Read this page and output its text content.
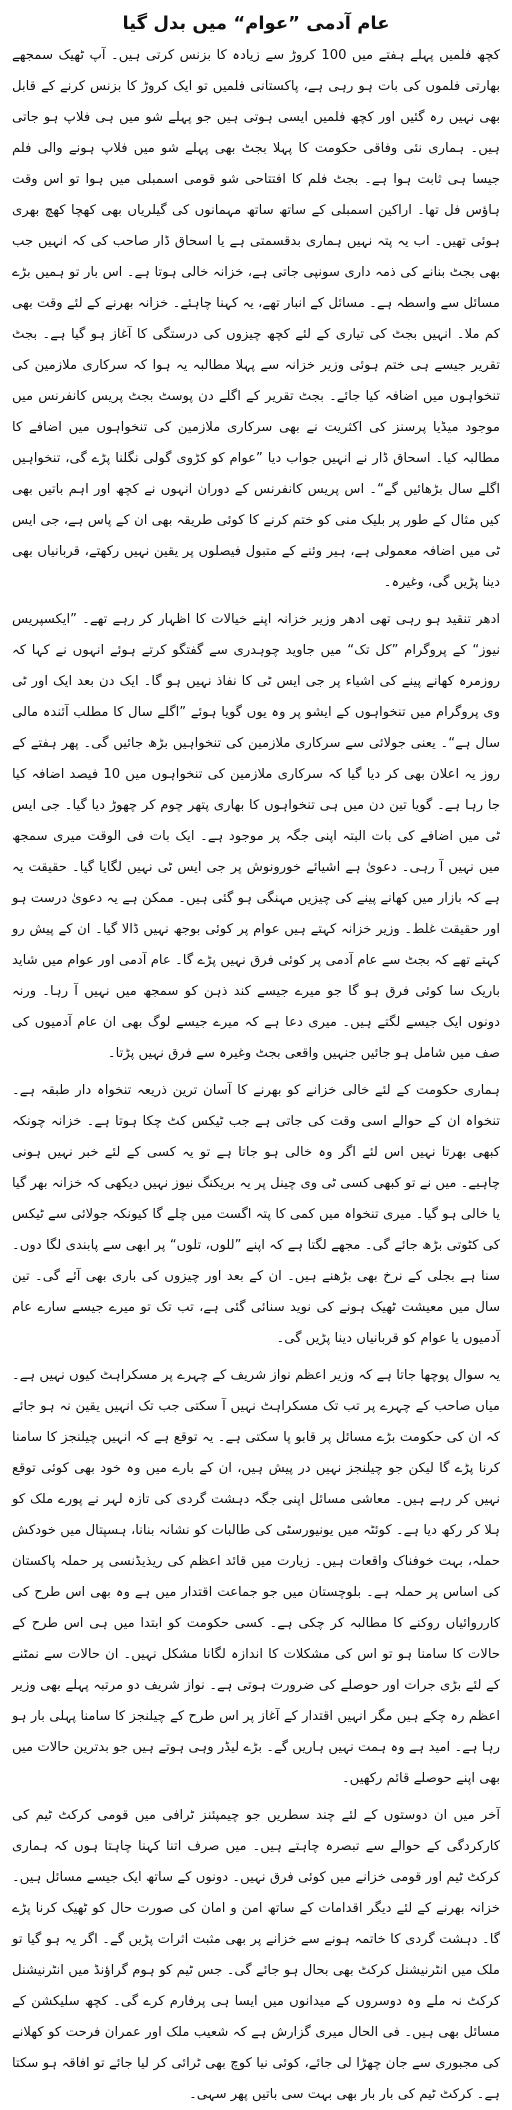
عام آدمی ”عوام“ میں بدل گیا

کچھ فلمیں پہلے ہفتے میں 100 کروڑ سے زیادہ کا بزنس کرتی ہیں۔ آپ ٹھیک سمجھے بھارتی فلموں کی بات ہو رہی ہے، پاکستانی فلمیں تو ایک کروڑ کا بزنس کرنے کے قابل بھی نہیں رہ گئیں اور کچھ فلمیں ایسی ہوتی ہیں جو پہلے شو میں ہی فلاپ ہو جاتی ہیں۔ ہماری نئی وفاقی حکومت کا پہلا بجٹ بھی پہلے شو میں فلاپ ہونے والی فلم جیسا ہی ثابت ہوا ہے۔ بجٹ فلم کا افتتاحی شو قومی اسمبلی میں ہوا تو اس وقت ہاؤس فل تھا۔ اراکین اسمبلی کے ساتھ ساتھ مہمانوں کی گیلریاں بھی کھچا کھچ بھری ہوئی تھیں۔ اب یہ پتہ نہیں ہماری بدقسمتی ہے یا اسحاق ڈار صاحب کی کہ انہیں جب بھی بجٹ بنانے کی ذمہ داری سونپی جاتی ہے، خزانہ خالی ہوتا ہے۔ اس بار تو ہمیں بڑے مسائل سے واسطہ ہے۔ مسائل کے انبار تھے، یہ کہنا چاہئے۔ خزانہ بھرنے کے لئے وقت بھی کم ملا۔ انہیں بجٹ کی تیاری کے لئے کچھ چیزوں کی درستگی کا آغاز ہو گیا ہے۔ بجٹ تقریر جیسے ہی ختم ہوئی وزیر خزانہ سے پہلا مطالبہ یہ ہوا کہ سرکاری ملازمین کی تنخواہوں میں اضافہ کیا جائے۔ بجٹ تقریر کے اگلے دن پوسٹ بجٹ پریس کانفرنس میں موجود میڈیا پرسنز کی اکثریت نے بھی سرکاری ملازمین کی تنخواہوں میں اضافے کا مطالبہ کیا۔ اسحاق ڈار نے انہیں جواب دیا ”عوام کو کڑوی گولی نگلنا پڑے گی، تنخواہیں اگلے سال بڑھائیں گے“۔ اس پریس کانفرنس کے دوران انہوں نے کچھ اور اہم باتیں بھی کیں مثال کے طور پر بلیک منی کو ختم کرنے کا کوئی طریقہ بھی ان کے پاس ہے، جی ایس ٹی میں اضافہ معمولی ہے، ہیر وئنے کے متبول فیصلوں پر یقین نہیں رکھتے، قربانیاں بھی دینا پڑیں گی، وغیرہ۔

ادھر تنقید ہو رہی تھی ادھر وزیر خزانہ اپنے خیالات کا اظہار کر رہے تھے۔ ”ایکسپریس نیوز“ کے پروگرام ”کل تک“ میں جاوید چوہدری سے گفتگو کرتے ہوئے انہوں نے کہا کہ روزمرہ کھانے پینے کی اشیاء پر جی ایس ٹی کا نفاذ نہیں ہو گا۔ ایک دن بعد ایک اور ٹی وی پروگرام میں تنخواہوں کے ایشو پر وہ یوں گویا ہوئے ”اگلے سال کا مطلب آئندہ مالی سال ہے“۔ یعنی جولائی سے سرکاری ملازمین کی تنخواہیں بڑھ جائیں گی۔ پھر ہفتے کے روز یہ اعلان بھی کر دیا گیا کہ سرکاری ملازمین کی تنخواہوں میں 10 فیصد اضافہ کیا جا رہا ہے۔ گویا تین دن میں ہی تنخواہوں کا بھاری پتھر چوم کر چھوڑ دیا گیا۔ جی ایس ٹی میں اضافے کی بات البتہ اپنی جگہ پر موجود ہے۔ ایک بات فی الوقت میری سمجھ میں نہیں آ رہی۔ دعویٰ ہے اشیائے خورونوش پر جی ایس ٹی نہیں لگایا گیا۔ حقیقت یہ ہے کہ بازار میں کھانے پینے کی چیزیں مہنگی ہو گئی ہیں۔ ممکن ہے یہ دعویٰ درست ہو اور حقیقت غلط۔ وزیر خزانہ کہتے ہیں عوام پر کوئی بوجھ نہیں ڈالا گیا۔ ان کے پیش رو کہتے تھے کہ بجٹ سے عام آدمی پر کوئی فرق نہیں پڑے گا۔ عام آدمی اور عوام میں شاید باریک سا کوئی فرق ہو گا جو میرے جیسے کند ذہن کو سمجھ میں نہیں آ رہا۔ ورنہ دونوں ایک جیسے لگتے ہیں۔ میری دعا ہے کہ میرے جیسے لوگ بھی ان عام آدمیوں کی صف میں شامل ہو جائیں جنہیں واقعی بجٹ وغیرہ سے فرق نہیں پڑتا۔

ہماری حکومت کے لئے خالی خزانے کو بھرنے کا آسان ترین ذریعہ تنخواہ دار طبقہ ہے۔ تنخواہ ان کے حوالے اسی وقت کی جاتی ہے جب ٹیکس کٹ چکا ہوتا ہے۔ خزانہ چونکہ کبھی بھرتا نہیں اس لئے اگر وہ خالی ہو جاتا ہے تو یہ کسی کے لئے خبر نہیں ہونی چاہیے۔ میں نے تو کبھی کسی ٹی وی چینل پر یہ بریکنگ نیوز نہیں دیکھی کہ خزانہ بھر گیا یا خالی ہو گیا۔ میری تنخواہ میں کمی کا پتہ اگست میں چلے گا کیونکہ جولائی سے ٹیکس کی کٹوتی بڑھ جائے گی۔ مجھے لگتا ہے کہ اپنے ”للوں، تلوں“ پر ابھی سے پابندی لگا دوں۔ سنا ہے بجلی کے نرخ بھی بڑھنے ہیں۔ ان کے بعد اور چیزوں کی باری بھی آئے گی۔ تین سال میں معیشت ٹھیک ہونے کی نوید سنائی گئی ہے، تب تک تو میرے جیسے سارے عام آدمیوں یا عوام کو قربانیاں دینا پڑیں گی۔

یہ سوال پوچھا جاتا ہے کہ وزیر اعظم نواز شریف کے چہرے پر مسکراہٹ کیوں نہیں ہے۔ میاں صاحب کے چہرے پر تب تک مسکراہٹ نہیں آ سکتی جب تک انہیں یقین نہ ہو جائے کہ ان کی حکومت بڑے مسائل پر قابو پا سکتی ہے۔ یہ توقع ہے کہ انہیں چیلنجز کا سامنا کرنا پڑے گا لیکن جو چیلنجز نہیں در پیش ہیں، ان کے بارے میں وہ خود بھی کوئی توقع نہیں کر رہے ہیں۔ معاشی مسائل اپنی جگہ دہشت گردی کی تازہ لہر نے پورے ملک کو ہلا کر رکھ دیا ہے۔ کوئٹہ میں یونیورسٹی کی طالبات کو نشانہ بنانا، ہسپتال میں خودکش حملہ، بہت خوفناک واقعات ہیں۔ زیارت میں قائد اعظم کی ریذیڈنسی پر حملہ پاکستان کی اساس پر حملہ ہے۔ بلوچستان میں جو جماعت اقتدار میں ہے وہ بھی اس طرح کی کارروائیاں روکنے کا مطالبہ کر چکی ہے۔ کسی حکومت کو ابتدا میں ہی اس طرح کے حالات کا سامنا ہو تو اس کی مشکلات کا اندازہ لگانا مشکل نہیں۔ ان حالات سے نمٹنے کے لئے بڑی جرات اور حوصلے کی ضرورت ہوتی ہے۔ نواز شریف دو مرتبہ پہلے بھی وزیر اعظم رہ چکے ہیں مگر انہیں اقتدار کے آغاز پر اس طرح کے چیلنجز کا سامنا پہلی بار ہو رہا ہے۔ امید ہے وہ ہمت نہیں ہاریں گے۔ بڑے لیڈر وہی ہوتے ہیں جو بدترین حالات میں بھی اپنے حوصلے قائم رکھیں۔

آخر میں ان دوستوں کے لئے چند سطریں جو چیمپئنز ٹرافی میں قومی کرکٹ ٹیم کی کارکردگی کے حوالے سے تبصرہ چاہتے ہیں۔ میں صرف اتنا کہنا چاہتا ہوں کہ ہماری کرکٹ ٹیم اور قومی خزانے میں کوئی فرق نہیں۔ دونوں کے ساتھ ایک جیسے مسائل ہیں۔ خزانہ بھرنے کے لئے دیگر اقدامات کے ساتھ امن و امان کی صورت حال کو ٹھیک کرنا پڑے گا۔ دہشت گردی کا خاتمہ ہونے سے خزانے پر بھی مثبت اثرات پڑیں گے۔ اگر یہ ہو گیا تو ملک میں انٹرنیشنل کرکٹ بھی بحال ہو جائے گی۔ جس ٹیم کو ہوم گراؤنڈ میں انٹرنیشنل کرکٹ نہ ملے وہ دوسروں کے میدانوں میں ایسا ہی پرفارم کرے گی۔ کچھ سلیکشن کے مسائل بھی ہیں۔ فی الحال میری گزارش ہے کہ شعیب ملک اور عمران فرحت کو کھلانے کی مجبوری سے جان چھڑا لی جائے، کوئی نیا کوچ بھی ٹرائی کر لیا جائے تو افاقہ ہو سکتا ہے۔ کرکٹ ٹیم کی بار بار بھی بہت سی باتیں پھر سہی۔
